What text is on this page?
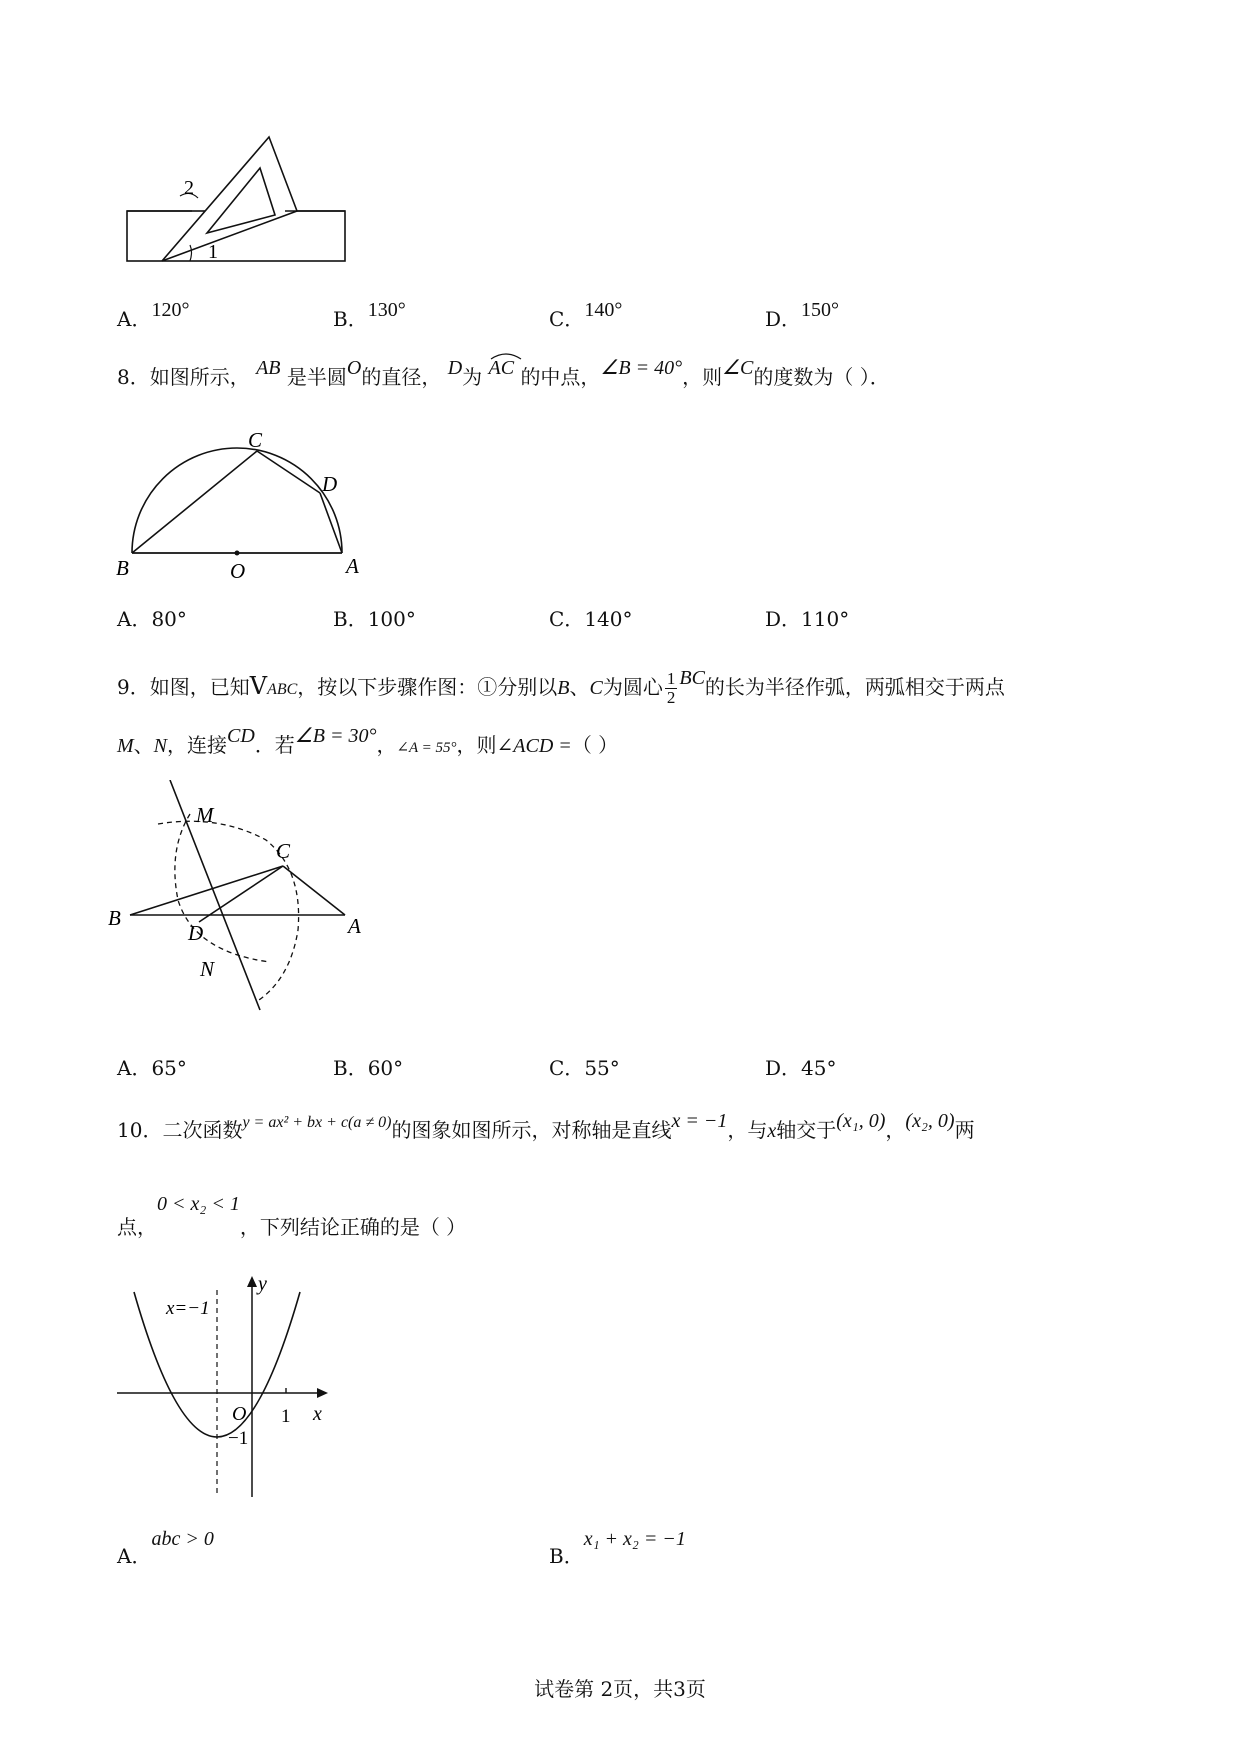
2
1
A．120°	B．130°	C．140°	D．150°
8．如图所示， AB 是半圆O的直径， D为 AC 的中点，∠B = 40°，则∠C的度数为（ ）．
C
D
B	O	A
A．80°	B．100°	C．140°	D．110°
9．如图，已知VABC，按以下步骤作图：①分别以B、C为圆心 $\frac{1}{2}$ BC的长为半径作弧，两弧相交于两点
M、N，连接CD．若∠B = 30°，∠A = 55°，则∠ACD =（ ）
M
C
B
D	A
N
A．65°	B．60°	C．55°	D．45°
10．二次函数$^{y = ax^2 + bx + c(a \ne 0)}$的图象如图所示，对称轴是直线x = −1，与x轴交于(x₁, 0)，(x₂, 0)两
点，0 < x₂ < 1，下列结论正确的是（ ）
x=−1
y
x
O 1
−1
A．abc > 0
B．x₁ + x₂ = −1
试卷第 2页，共3页
